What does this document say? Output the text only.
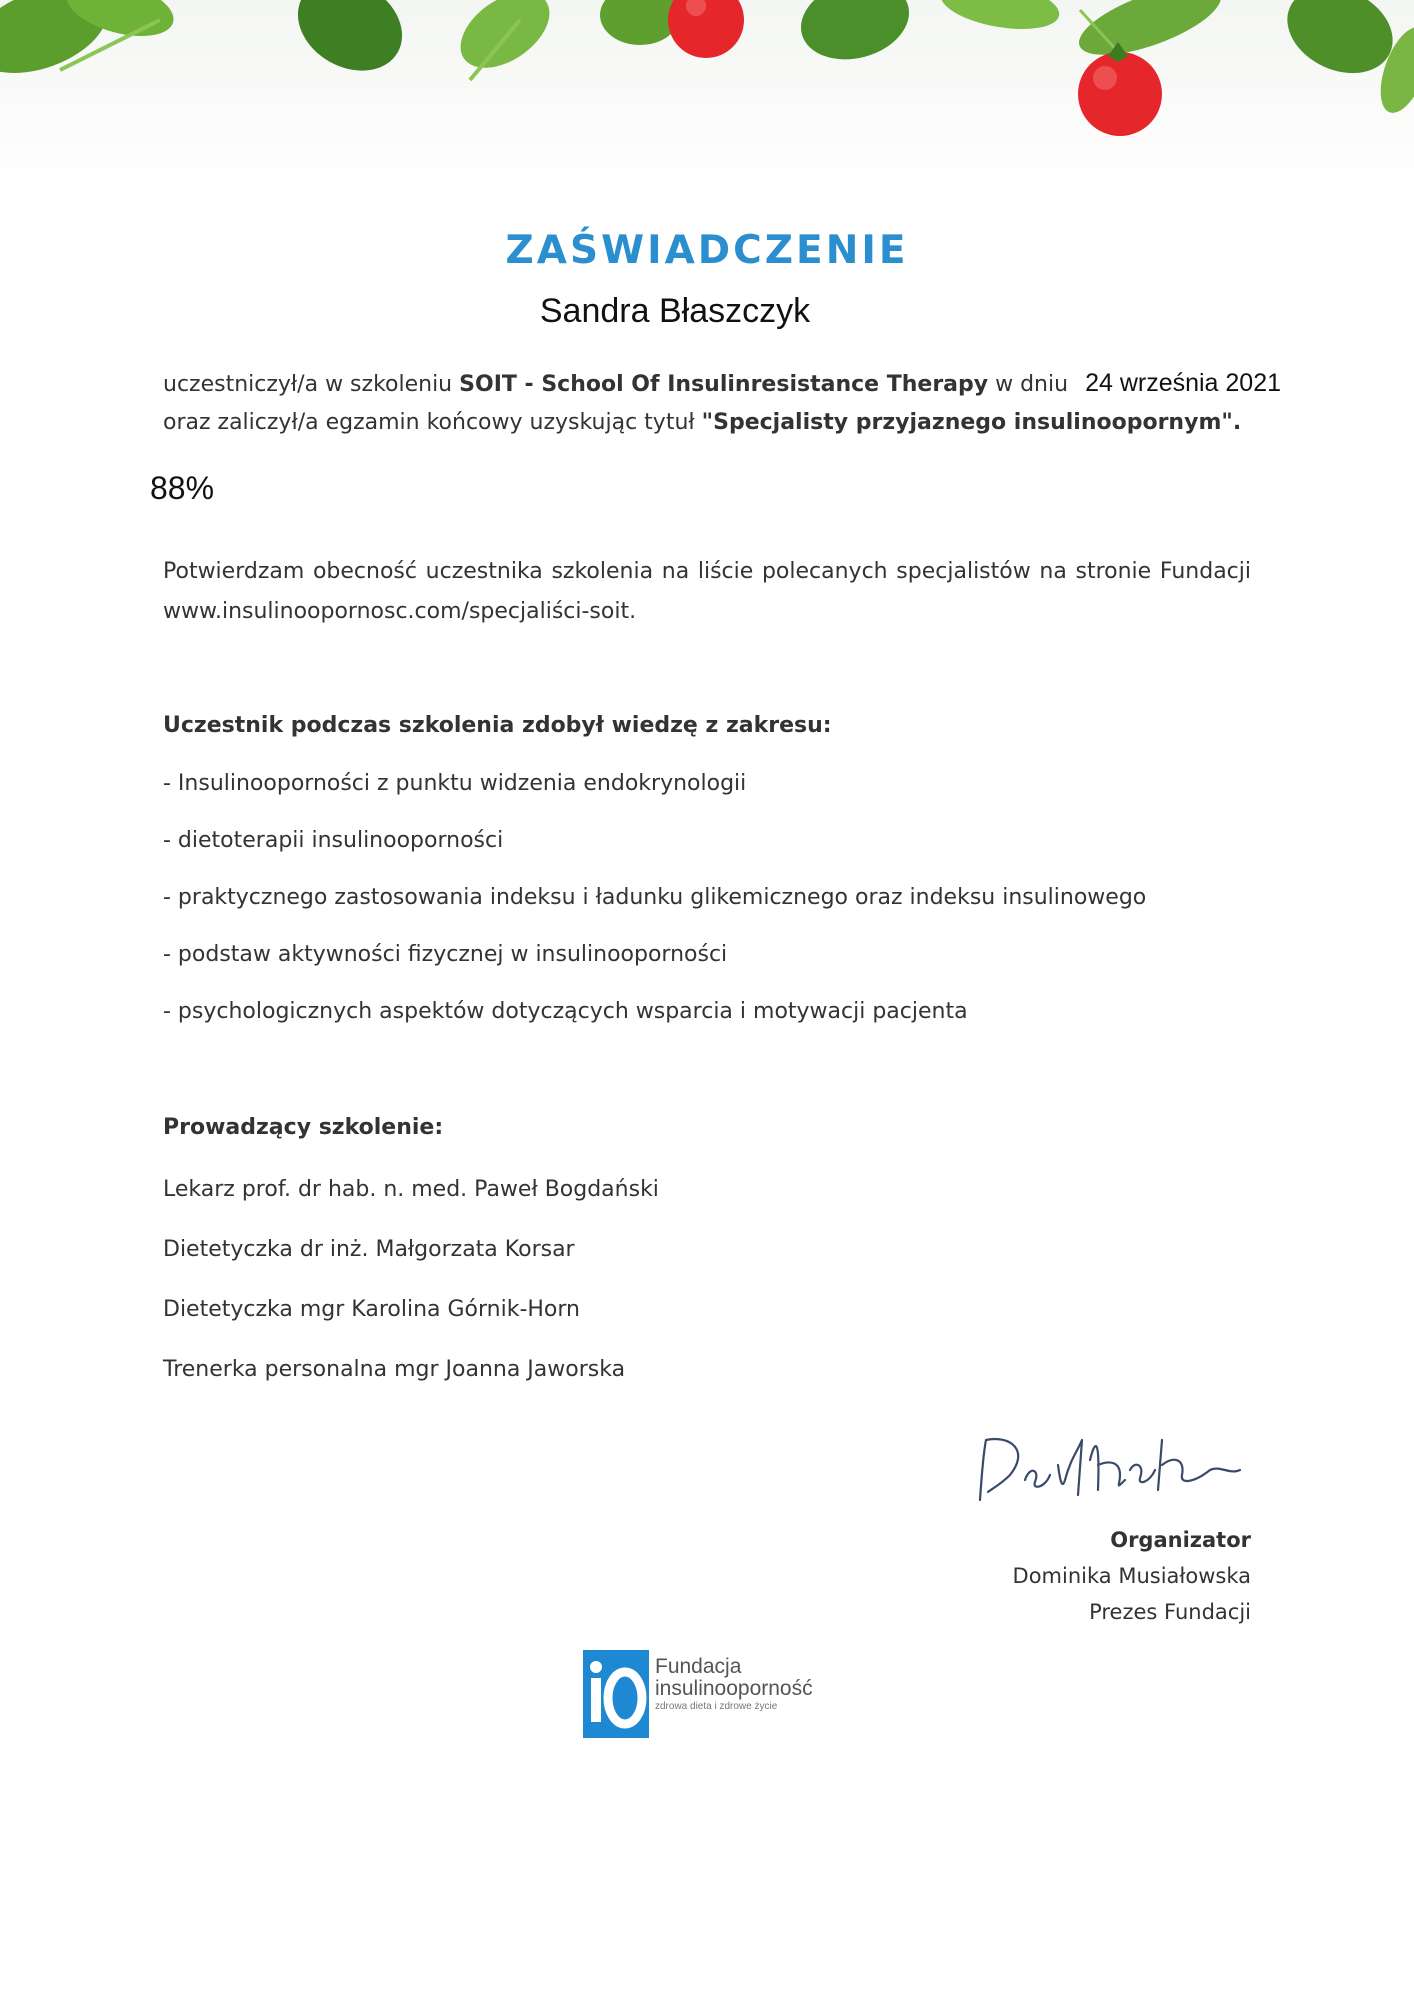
ZAŚWIADCZENIE
Sandra Błaszczyk
uczestniczył/a w szkoleniu SOIT - School Of Insulinresistance Therapy w dniu 24 września 2021
oraz zaliczył/a egzamin końcowy uzyskując tytuł "Specjalisty przyjaznego insulinoopornym".
88%
Potwierdzam obecność uczestnika szkolenia na liście polecanych specjalistów na stronie Fundacji www.insulinoopornosc.com/specjaliści-soit.
Uczestnik podczas szkolenia zdobył wiedzę z zakresu:
- Insulinooporności z punktu widzenia endokrynologii
- dietoterapii insulinooporności
- praktycznego zastosowania indeksu i ładunku glikemicznego oraz indeksu insulinowego
- podstaw aktywności fizycznej w insulinooporności
- psychologicznych aspektów dotyczących wsparcia i motywacji pacjenta
Prowadzący szkolenie:
Lekarz prof. dr hab. n. med. Paweł Bogdański
Dietetyczka dr inż. Małgorzata Korsar
Dietetyczka mgr Karolina Górnik-Horn
Trenerka personalna mgr Joanna Jaworska
Organizator
Dominika Musiałowska
Prezes Fundacji
Fundacja
insulinooporność
zdrowa dieta i zdrowe życie
